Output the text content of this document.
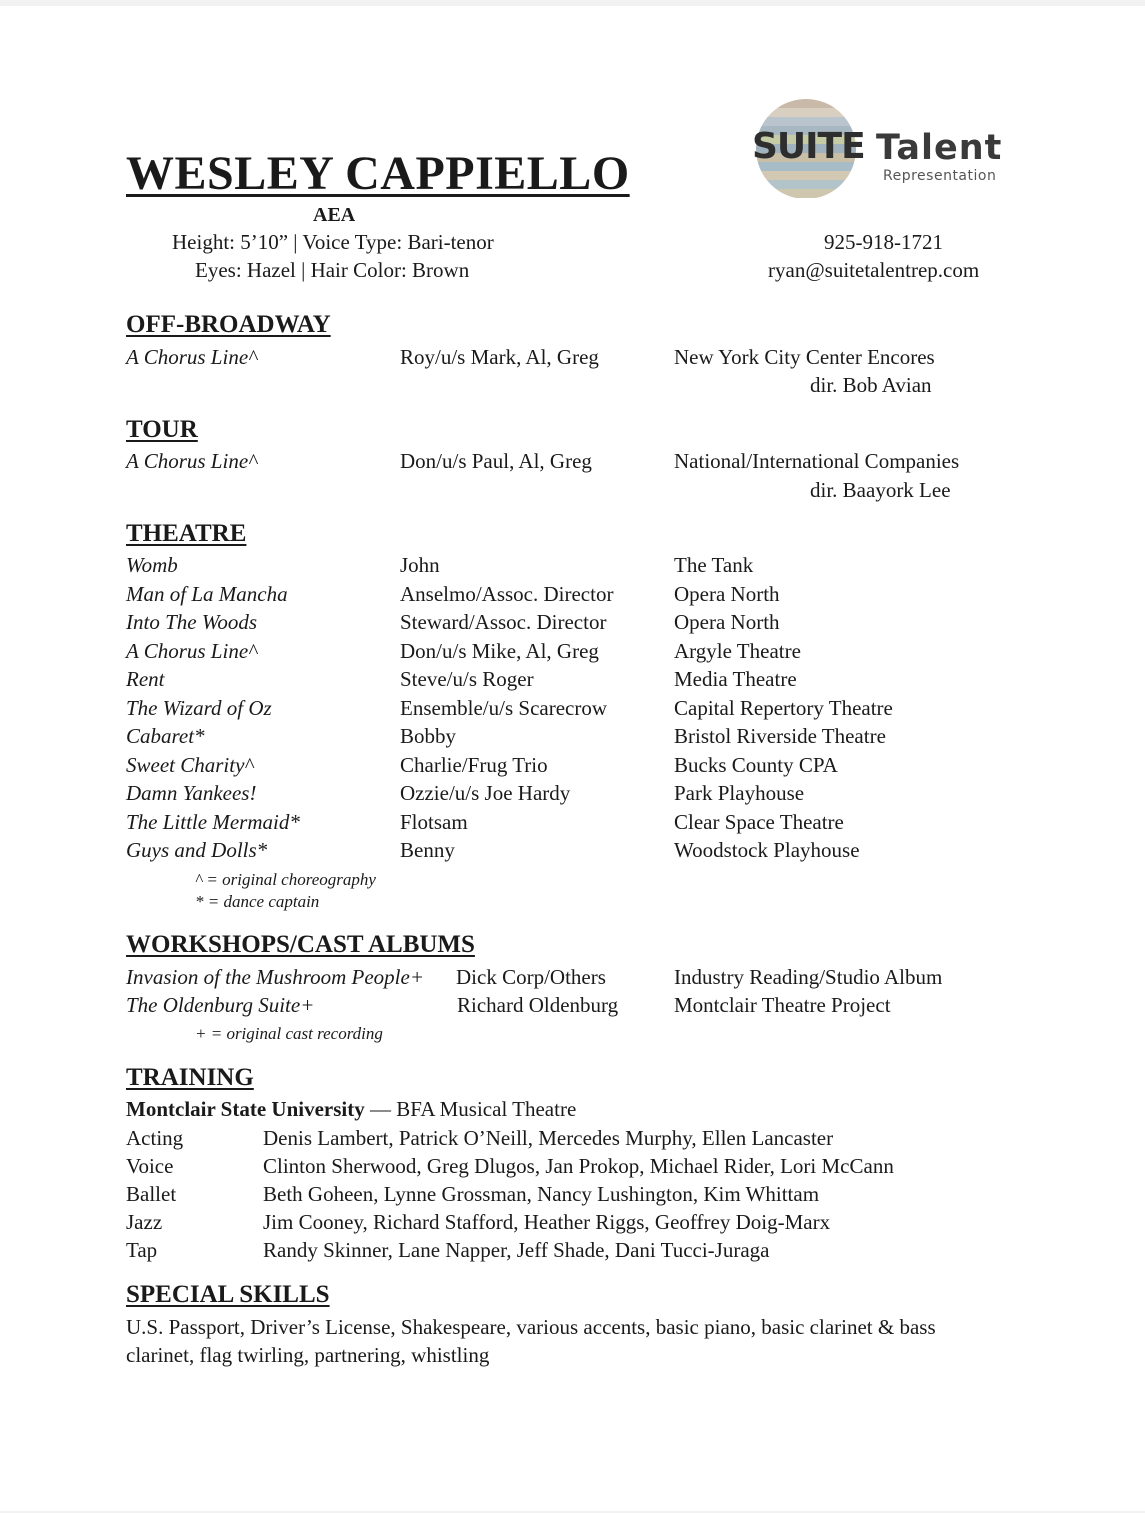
SUITE Talent
Representation
WESLEY CAPPIELLO
AEA
Height: 5’10” | Voice Type: Bari-tenor
Eyes: Hazel | Hair Color: Brown
925-918-1721
ryan@suitetalentrep.com
OFF-BROADWAY
A Chorus Line^	Roy/u/s Mark, Al, Greg	New York City Center Encores
dir. Bob Avian
TOUR
A Chorus Line^	Don/u/s Paul, Al, Greg	National/International Companies
dir. Baayork Lee
THEATRE
Womb	John	The Tank
Man of La Mancha	Anselmo/Assoc. Director	Opera North
Into The Woods	Steward/Assoc. Director	Opera North
A Chorus Line^	Don/u/s Mike, Al, Greg	Argyle Theatre
Rent	Steve/u/s Roger	Media Theatre
The Wizard of Oz	Ensemble/u/s Scarecrow	Capital Repertory Theatre
Cabaret*	Bobby	Bristol Riverside Theatre
Sweet Charity^	Charlie/Frug Trio	Bucks County CPA
Damn Yankees!	Ozzie/u/s Joe Hardy	Park Playhouse
The Little Mermaid*	Flotsam	Clear Space Theatre
Guys and Dolls*	Benny	Woodstock Playhouse
^ = original choreography
* = dance captain
WORKSHOPS/CAST ALBUMS
Invasion of the Mushroom People+ Dick Corp/Others	Industry Reading/Studio Album
The Oldenburg Suite+	Richard Oldenburg	Montclair Theatre Project
+ = original cast recording
TRAINING
Montclair State University — BFA Musical Theatre
Acting	Denis Lambert, Patrick O’Neill, Mercedes Murphy, Ellen Lancaster
Voice	Clinton Sherwood, Greg Dlugos, Jan Prokop, Michael Rider, Lori McCann
Ballet	Beth Goheen, Lynne Grossman, Nancy Lushington, Kim Whittam
Jazz	Jim Cooney, Richard Stafford, Heather Riggs, Geoffrey Doig-Marx
Tap	Randy Skinner, Lane Napper, Jeff Shade, Dani Tucci-Juraga
SPECIAL SKILLS
U.S. Passport, Driver’s License, Shakespeare, various accents, basic piano, basic clarinet & bass
clarinet, flag twirling, partnering, whistling
